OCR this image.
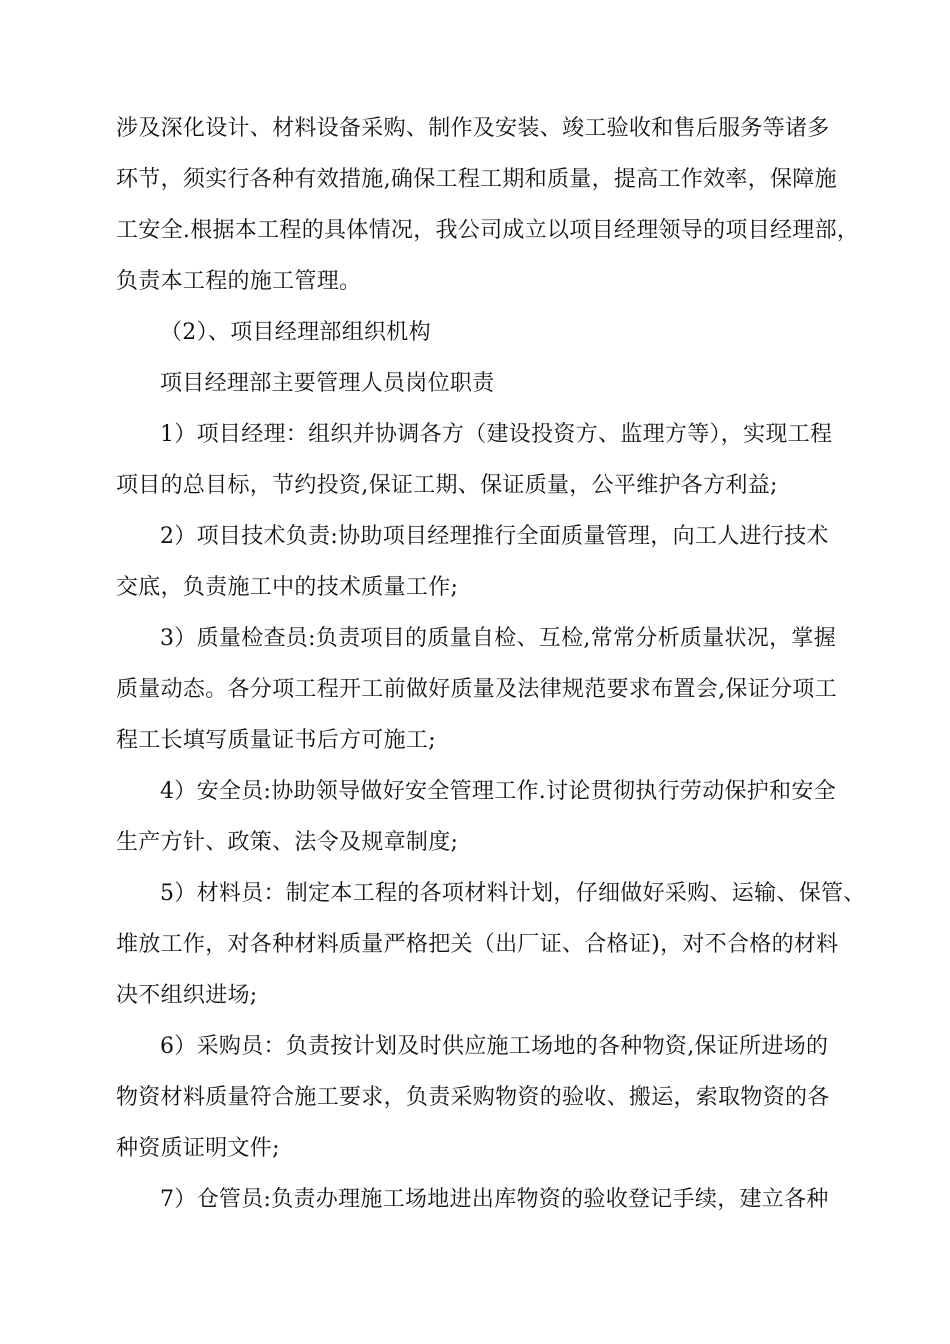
涉及深化设计、材料设备采购、制作及安装、竣工验收和售后服务等诸多
环节，须实行各种有效措施,确保工程工期和质量，提高工作效率，保障施
工安全.根据本工程的具体情况，我公司成立以项目经理领导的项目经理部，
负责本工程的施工管理。
（2）、项目经理部组织机构
项目经理部主要管理人员岗位职责
1）项目经理：组织并协调各方（建设投资方、监理方等），实现工程
项目的总目标，节约投资,保证工期、保证质量，公平维护各方利益;
2）项目技术负责:协助项目经理推行全面质量管理，向工人进行技术
交底，负责施工中的技术质量工作;
3）质量检查员:负责项目的质量自检、互检,常常分析质量状况，掌握
质量动态。各分项工程开工前做好质量及法律规范要求布置会,保证分项工
程工长填写质量证书后方可施工;
4）安全员:协助领导做好安全管理工作.讨论贯彻执行劳动保护和安全
生产方针、政策、法令及规章制度;
5）材料员：制定本工程的各项材料计划，仔细做好采购、运输、保管、
堆放工作，对各种材料质量严格把关（出厂证、合格证)，对不合格的材料
决不组织进场;
6）采购员：负责按计划及时供应施工场地的各种物资,保证所进场的
物资材料质量符合施工要求，负责采购物资的验收、搬运，索取物资的各
种资质证明文件;
7）仓管员:负责办理施工场地进出库物资的验收登记手续，建立各种
